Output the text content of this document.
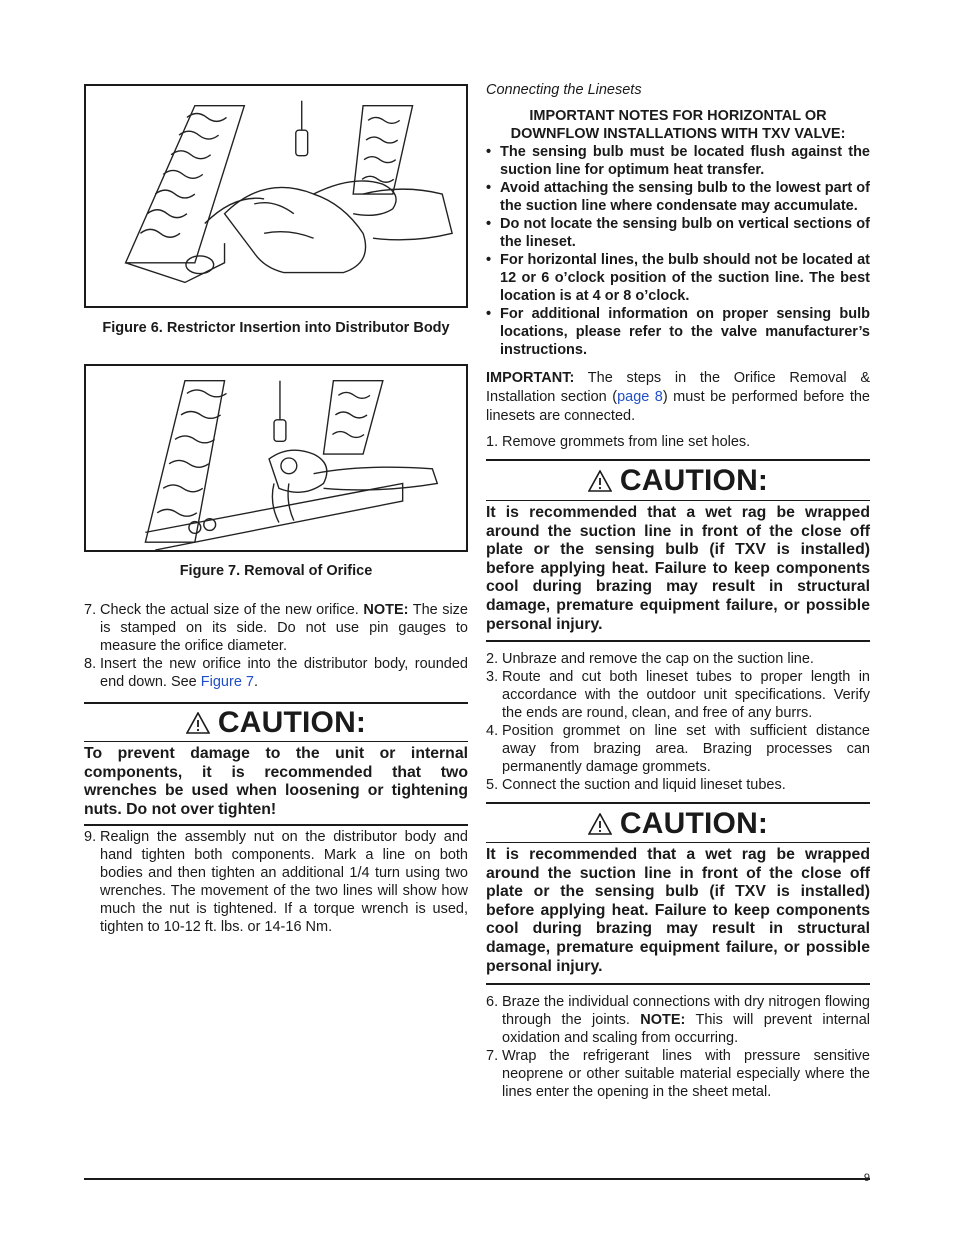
Figure 6. Restrictor Insertion into Distributor Body
Figure 7. Removal of Orifice
7. Check the actual size of the new orifice. NOTE: The size is stamped on its side. Do not use pin gauges to measure the orifice diameter.
8. Insert the new orifice into the distributor body, rounded end down. See Figure 7.
CAUTION:
To prevent damage to the unit or internal components, it is recommended that two wrenches be used when loosening or tightening nuts. Do not over tighten!
9. Realign the assembly nut on the distributor body and hand tighten both components. Mark a line on both bodies and then tighten an additional 1/4 turn using two wrenches. The movement of the two lines will show how much the nut is tightened. If a torque wrench is used, tighten to 10-12 ft. lbs. or 14-16 Nm.
Connecting the Linesets
IMPORTANT NOTES FOR HORIZONTAL OR DOWNFLOW INSTALLATIONS WITH TXV VALVE:
• The sensing bulb must be located flush against the suction line for optimum heat transfer.
• Avoid attaching the sensing bulb to the lowest part of the suction line where condensate may accumulate.
• Do not locate the sensing bulb on vertical sections of the lineset.
• For horizontal lines, the bulb should not be located at 12 or 6 o’clock position of the suction line. The best location is at 4 or 8 o’clock.
• For additional information on proper sensing bulb locations, please refer to the valve manufacturer’s instructions.
IMPORTANT: The steps in the Orifice Removal & Installation section (page 8) must be performed before the linesets are connected.
1. Remove grommets from line set holes.
CAUTION:
It is recommended that a wet rag be wrapped around the suction line in front of the close off plate or the sensing bulb (if TXV is installed) before applying heat. Failure to keep components cool during brazing may result in structural damage, premature equipment failure, or possible personal injury.
2. Unbraze and remove the cap on the suction line.
3. Route and cut both lineset tubes to proper length in accordance with the outdoor unit specifications. Verify the ends are round, clean, and free of any burrs.
4. Position grommet on line set with sufficient distance away from brazing area. Brazing processes can permanently damage grommets.
5. Connect the suction and liquid lineset tubes.
CAUTION:
It is recommended that a wet rag be wrapped around the suction line in front of the close off plate or the sensing bulb (if TXV is installed) before applying heat. Failure to keep components cool during brazing may result in structural damage, premature equipment failure, or possible personal injury.
6. Braze the individual connections with dry nitrogen flowing through the joints. NOTE: This will prevent internal oxidation and scaling from occurring.
7. Wrap the refrigerant lines with pressure sensitive neoprene or other suitable material especially where the lines enter the opening in the sheet metal.
9
